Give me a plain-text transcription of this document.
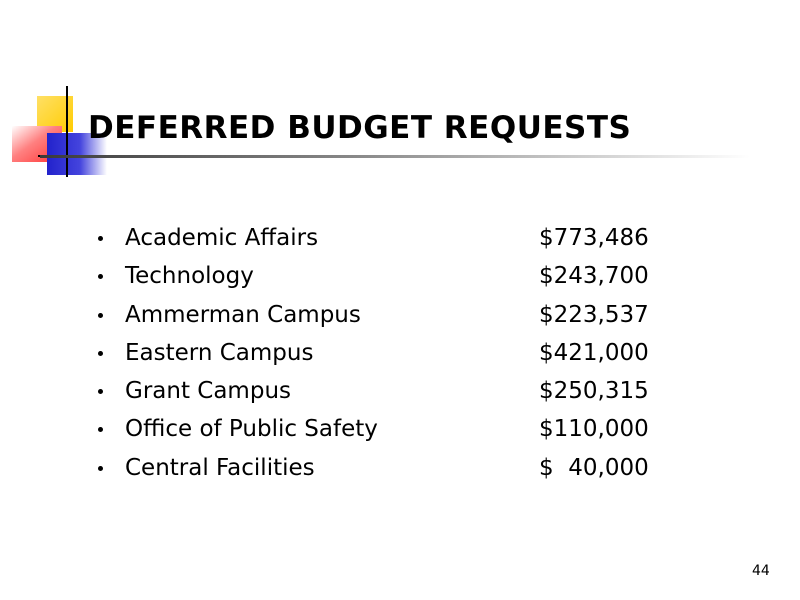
DEFERRED BUDGET REQUESTS
Academic Affairs	$773,486
Technology	$243,700
Ammerman Campus	$223,537
Eastern Campus	$421,000
Grant Campus	$250,315
Office of Public Safety	$110,000
Central Facilities	$  40,000
44
